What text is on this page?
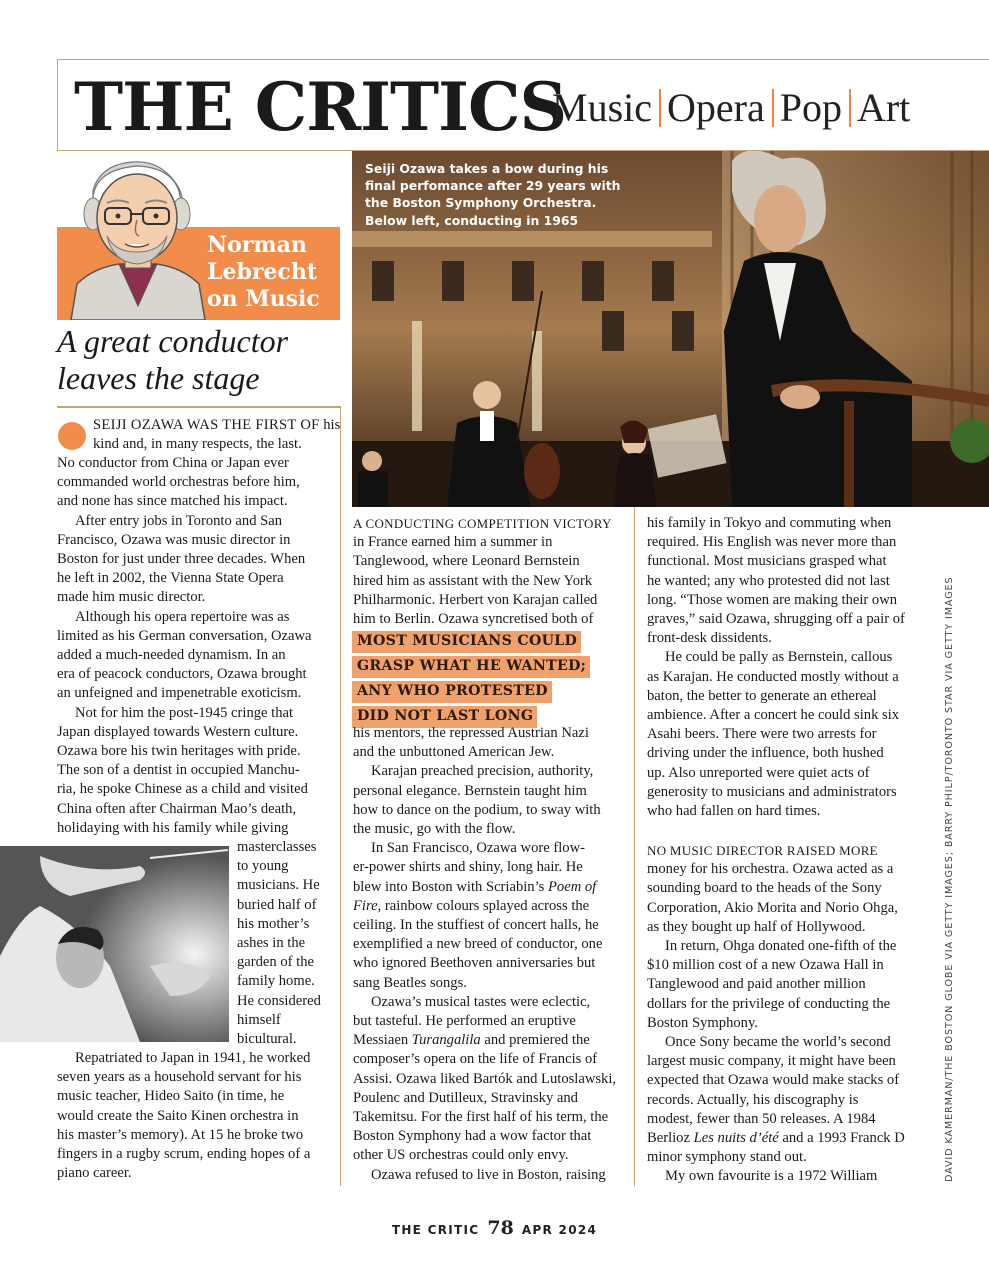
THE CRITICS
Music Opera Pop Art
Norman
Lebrecht
on Music
A great conductor
leaves the stage
Seiji Ozawa takes a bow during his
final perfomance after 29 years with
the Boston Symphony Orchestra.
Below left, conducting in 1965
SEIJI OZAWA WAS THE FIRST OF his
kind and, in many respects, the last.
No conductor from China or Japan ever
commanded world orchestras before him,
and none has since matched his impact.
After entry jobs in Toronto and San
Francisco, Ozawa was music director in
Boston for just under three decades. When
he left in 2002, the Vienna State Opera
made him music director.
Although his opera repertoire was as
limited as his German conversation, Ozawa
added a much-needed dynamism. In an
era of peacock conductors, Ozawa brought
an unfeigned and impenetrable exoticism.
Not for him the post-1945 cringe that
Japan displayed towards Western culture.
Ozawa bore his twin heritages with pride.
The son of a dentist in occupied Manchu-
ria, he spoke Chinese as a child and visited
China often after Chairman Mao’s death,
holidaying with his family while giving
masterclasses
to young
musicians. He
buried half of
his mother’s
ashes in the
garden of the
family home.
He considered
himself
bicultural.
Repatriated to Japan in 1941, he worked
seven years as a household servant for his
music teacher, Hideo Saito (in time, he
would create the Saito Kinen orchestra in
his master’s memory). At 15 he broke two
fingers in a rugby scrum, ending hopes of a
piano career.
A CONDUCTING COMPETITION VICTORY
in France earned him a summer in
Tanglewood, where Leonard Bernstein
hired him as assistant with the New York
Philharmonic. Herbert von Karajan called
him to Berlin. Ozawa syncretised both of
MOST MUSICIANS COULD
GRASP WHAT HE WANTED;
ANY WHO PROTESTED
DID NOT LAST LONG
his mentors, the repressed Austrian Nazi
and the unbuttoned American Jew.
Karajan preached precision, authority,
personal elegance. Bernstein taught him
how to dance on the podium, to sway with
the music, go with the flow.
In San Francisco, Ozawa wore flow-
er-power shirts and shiny, long hair. He
blew into Boston with Scriabin’s Poem of
Fire, rainbow colours splayed across the
ceiling. In the stuffiest of concert halls, he
exemplified a new breed of conductor, one
who ignored Beethoven anniversaries but
sang Beatles songs.
Ozawa’s musical tastes were eclectic,
but tasteful. He performed an eruptive
Messiaen Turangalila and premiered the
composer’s opera on the life of Francis of
Assisi. Ozawa liked Bartók and Lutoslawski,
Poulenc and Dutilleux, Stravinsky and
Takemitsu. For the first half of his term, the
Boston Symphony had a wow factor that
other US orchestras could only envy.
Ozawa refused to live in Boston, raising
his family in Tokyo and commuting when
required. His English was never more than
functional. Most musicians grasped what
he wanted; any who protested did not last
long. “Those women are making their own
graves,” said Ozawa, shrugging off a pair of
front-desk dissidents.
He could be pally as Bernstein, callous
as Karajan. He conducted mostly without a
baton, the better to generate an ethereal
ambience. After a concert he could sink six
Asahi beers. There were two arrests for
driving under the influence, both hushed
up. Also unreported were quiet acts of
generosity to musicians and administrators
who had fallen on hard times.
NO MUSIC DIRECTOR RAISED MORE
money for his orchestra. Ozawa acted as a
sounding board to the heads of the Sony
Corporation, Akio Morita and Norio Ohga,
as they bought up half of Hollywood.
In return, Ohga donated one-fifth of the
$10 million cost of a new Ozawa Hall in
Tanglewood and paid another million
dollars for the privilege of conducting the
Boston Symphony.
Once Sony became the world’s second
largest music company, it might have been
expected that Ozawa would make stacks of
records. Actually, his discography is
modest, fewer than 50 releases. A 1984
Berlioz Les nuits d’été and a 1993 Franck D
minor symphony stand out.
My own favourite is a 1972 William	DAVID KAMERMAN/THE BOSTON GLOBE VIA GETTY IMAGES; BARRY PHILP/TORONTO STAR VIA GETTY IMAGES
THE CRITIC 78 APR 2024
